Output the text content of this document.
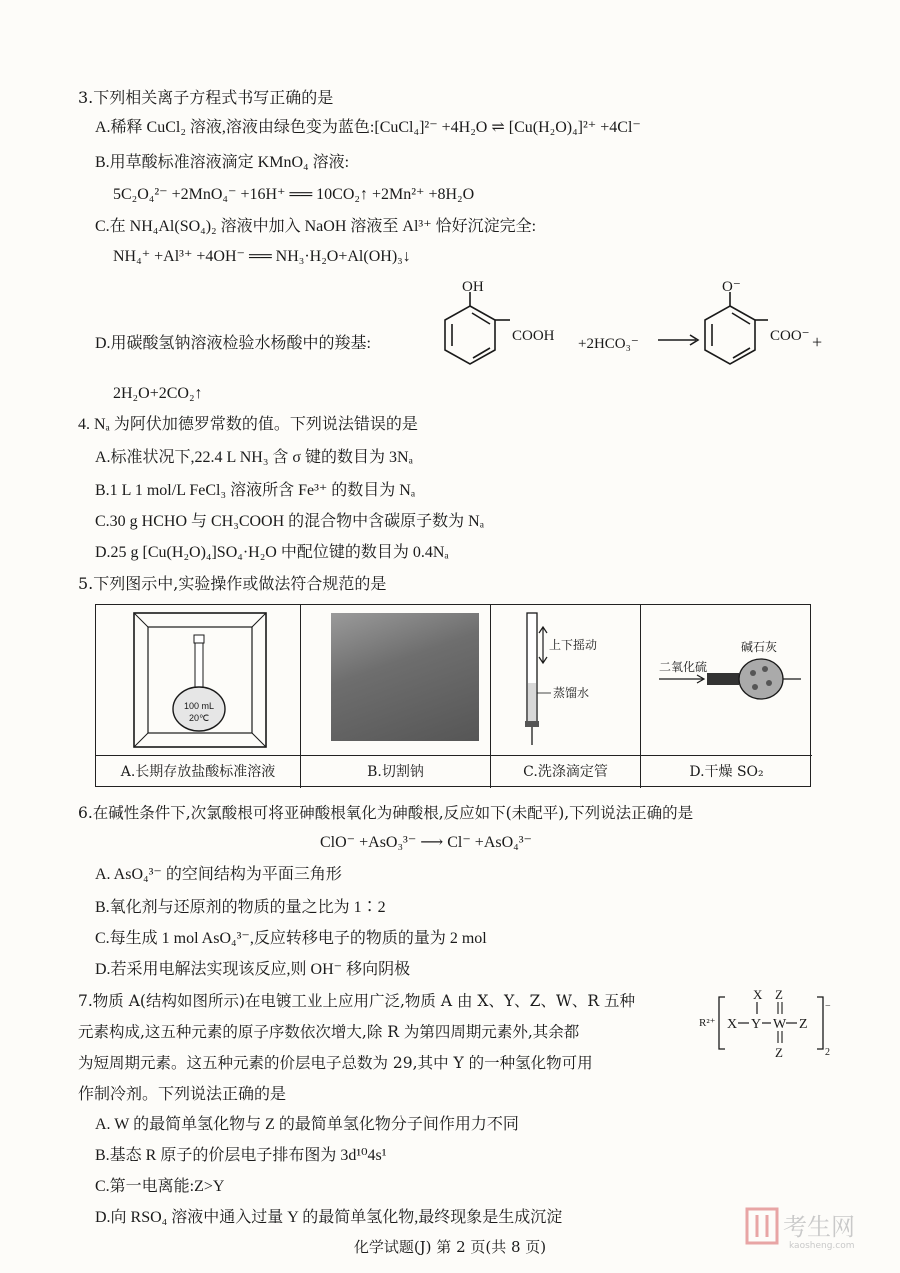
3.下列相关离子方程式书写正确的是
A.稀释 CuCl₂ 溶液,溶液由绿色变为蓝色:[CuCl₄]²⁻ +4H₂O ⇌ [Cu(H₂O)₄]²⁺ +4Cl⁻
B.用草酸标准溶液滴定 KMnO₄ 溶液:
5C₂O₄²⁻ +2MnO₄⁻ +16H⁺ ══ 10CO₂↑ +2Mn²⁺ +8H₂O
C.在 NH₄Al(SO₄)₂ 溶液中加入 NaOH 溶液至 Al³⁺ 恰好沉淀完全:
NH₄⁺ +Al³⁺ +4OH⁻ ══ NH₃·H₂O+Al(OH)₃↓
D.用碳酸氢钠溶液检验水杨酸中的羧基:
OH
COOH +2HCO₃⁻
O⁻
COO⁻ +
2H₂O+2CO₂↑
4. Nₐ 为阿伏加德罗常数的值。下列说法错误的是
A.标准状况下,22.4 L NH₃ 含 σ 键的数目为 3Nₐ
B.1 L 1 mol/L FeCl₃ 溶液所含 Fe³⁺ 的数目为 Nₐ
C.30 g HCHO 与 CH₃COOH 的混合物中含碳原子数为 Nₐ
D.25 g [Cu(H₂O)₄]SO₄·H₂O 中配位键的数目为 0.4Nₐ
5.下列图示中,实验操作或做法符合规范的是
100 mL
20℃
上下摇动
蒸馏水
二氧化硫
碱石灰
A.长期存放盐酸标准溶液	B.切割钠	C.洗涤滴定管	D.干燥 SO₂
6.在碱性条件下,次氯酸根可将亚砷酸根氧化为砷酸根,反应如下(未配平),下列说法正确的是
ClO⁻ +AsO₃³⁻ ⟶ Cl⁻ +AsO₄³⁻
A. AsO₄³⁻ 的空间结构为平面三角形
B.氧化剂与还原剂的物质的量之比为 1∶2
C.每生成 1 mol AsO₄³⁻,反应转移电子的物质的量为 2 mol
D.若采用电解法实现该反应,则 OH⁻ 移向阴极
7.物质 A(结构如图所示)在电镀工业上应用广泛,物质 A 由 X、Y、Z、W、R 五种
元素构成,这五种元素的原子序数依次增大,除 R 为第四周期元素外,其余都
为短周期元素。这五种元素的价层电子总数为 29,其中 Y 的一种氢化物可用
作制冷剂。下列说法正确的是
R²⁺
−
2
X Y
X
W Z
Z
Z
A. W 的最简单氢化物与 Z 的最简单氢化物分子间作用力不同
B.基态 R 原子的价层电子排布图为 3d¹⁰4s¹
C.第一电离能:Z>Y
D.向 RSO₄ 溶液中通入过量 Y 的最简单氢化物,最终现象是生成沉淀
化学试题(J) 第 2 页(共 8 页)
考生网
kaosheng.com
